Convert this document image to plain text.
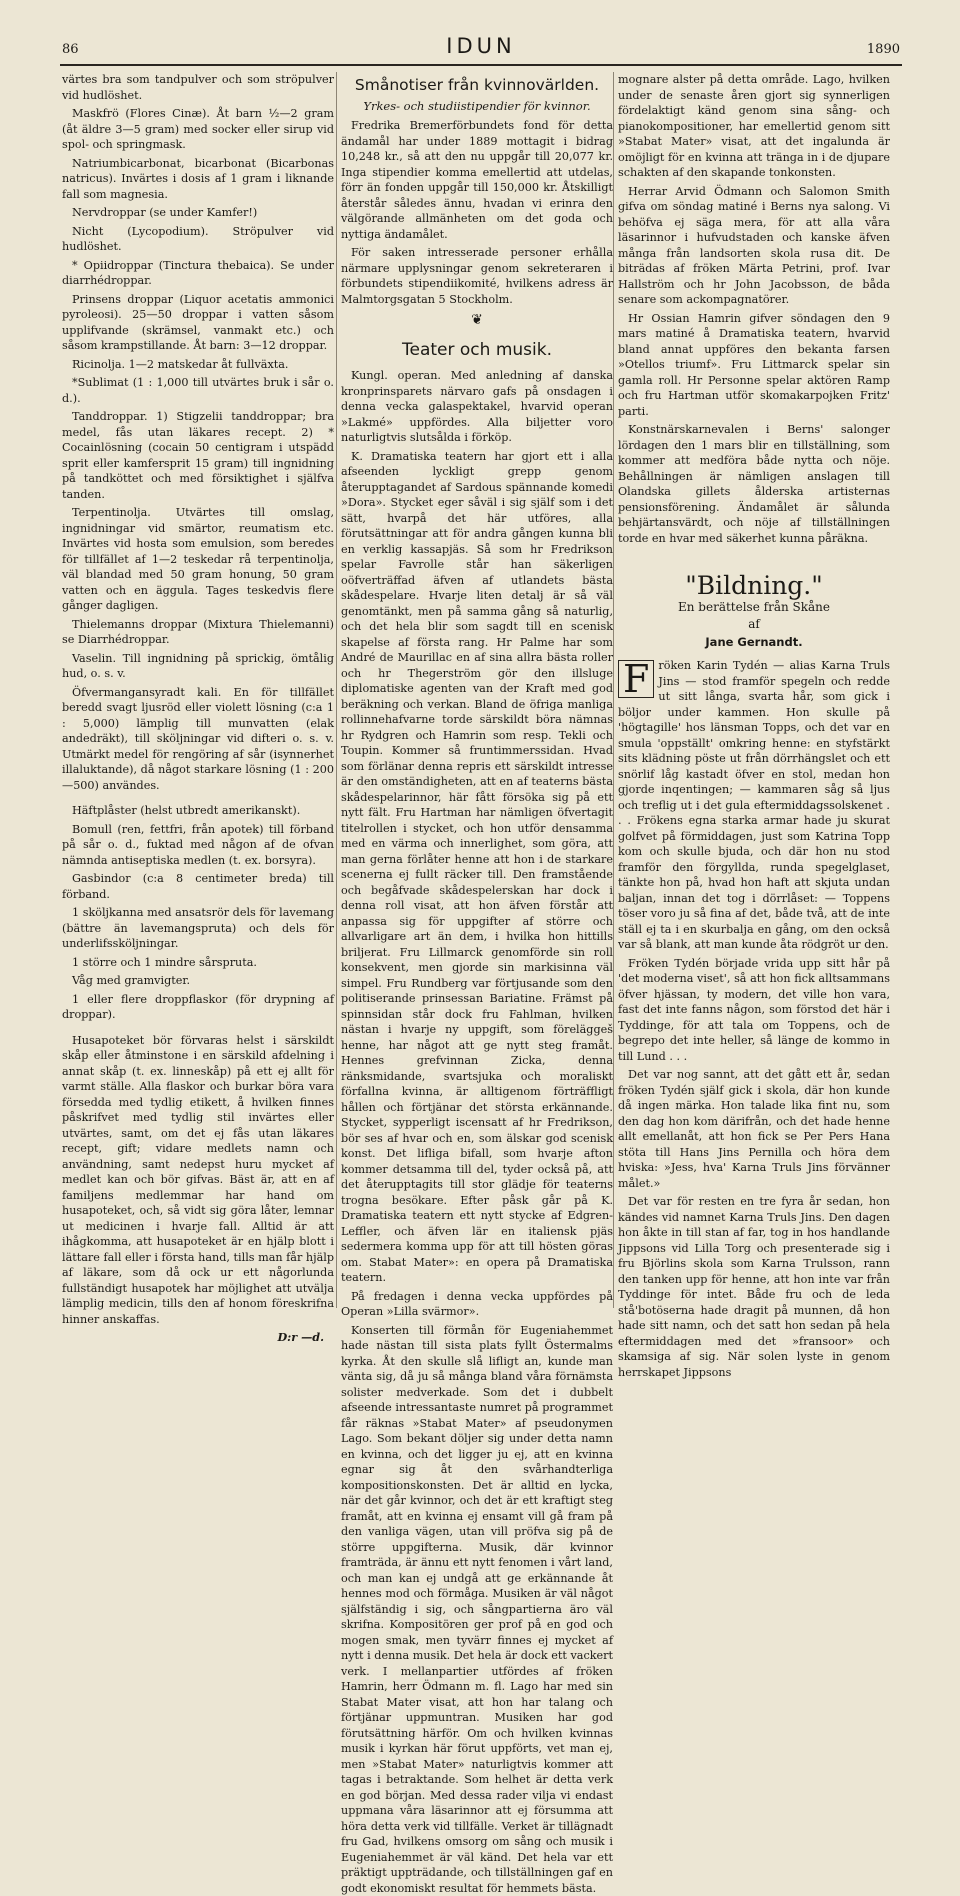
86	IDUN	1890

värtes bra som tandpulver och som ströpulver vid hudlöshet.

Maskfrö (Flores Cinæ). Åt barn ½—2 gram (åt äldre 3—5 gram) med socker eller sirup vid spol- och springmask.

Natriumbicarbonat, bicarbonat (Bicarbonas natricus). Invärtes i dosis af 1 gram i liknande fall som magnesia.

Nervdroppar (se under Kamfer!)

Nicht (Lycopodium). Ströpulver vid hudlöshet.

* Opiidroppar (Tinctura thebaica). Se under diarrhédroppar.

Prinsens droppar (Liquor acetatis ammonici pyroleosi). 25—50 droppar i vatten såsom upplifvande (skrämsel, vanmakt etc.) och såsom krampstillande. Åt barn: 3—12 droppar.

Ricinolja. 1—2 matskedar åt fullväxta.

*Sublimat (1 : 1,000 till utvärtes bruk i sår o. d.).

Tanddroppar. 1) Stigzelii tanddroppar; bra medel, fås utan läkares recept. 2) * Cocainlösning (cocain 50 centigram i utspädd sprit eller kamfersprit 15 gram) till ingnidning på tandköttet och med försiktighet i själfva tanden.

Terpentinolja. Utvärtes till omslag, ingnidningar vid smärtor, reumatism etc. Invärtes vid hosta som emulsion, som beredes för tillfället af 1—2 teskedar rå terpentinolja, väl blandad med 50 gram honung, 50 gram vatten och en äggula. Tages teskedvis flere gånger dagligen.

Thielemanns droppar (Mixtura Thielemanni) se Diarrhédroppar.

Vaselin. Till ingnidning på sprickig, ömtålig hud, o. s. v.

Öfvermangansyradt kali. En för tillfället beredd svagt ljusröd eller violett lösning (c:a 1 : 5,000) lämplig till munvatten (elak andedräkt), till sköljningar vid difteri o. s. v. Utmärkt medel för rengöring af sår (isynnerhet illaluktande), då något starkare lösning (1 : 200—500) användes.

Häftplåster (helst utbredt amerikanskt).

Bomull (ren, fettfri, från apotek) till förband på sår o. d., fuktad med någon af de ofvan nämnda antiseptiska medlen (t. ex. borsyra).

Gasbindor (c:a 8 centimeter breda) till förband.

1 sköljkanna med ansatsrör dels för lavemang (bättre än lavemangspruta) och dels för underlifssköljningar.

1 större och 1 mindre sårspruta.

Våg med gramvigter.

1 eller flere droppflaskor (för drypning af droppar).

Husapoteket bör förvaras helst i särskildt skåp eller åtminstone i en särskild afdelning i annat skåp (t. ex. linneskåp) på ett ej allt för varmt ställe. Alla flaskor och burkar böra vara försedda med tydlig etikett, å hvilken finnes påskrifvet med tydlig stil invärtes eller utvärtes, samt, om det ej fås utan läkares recept, gift; vidare medlets namn och användning, samt nedерst huru mycket af medlet kan och bör gifvas. Bäst är, att en af familjens medlemmar har hand om husapoteket, och, så vidt sig göra låter, lemnar ut medicinen i hvarje fall. Alltid är att ihågkomma, att husapoteket är en hjälp blott i lättare fall eller i första hand, tills man får hjälp af läkare, som då ock ur ett någorlunda fullständigt husapotek har möjlighet att utvälja lämplig medicin, tills den af honom föreskrifna hinner anskaffas.

D:r —d.
Smånotiser från kvinnovärlden.
Yrkes- och studiistipendier för kvinnor.

Fredrika Bremerförbundets fond för detta ändamål har under 1889 mottagit i bidrag 10,248 kr., så att den nu uppgår till 20,077 kr. Inga stipendier komma emellertid att utdelas, förr än fonden uppgår till 150,000 kr. Åtskilligt återstår således ännu, hvadan vi erinra den välgörande allmänheten om det goda och nyttiga ändamålet.

För saken intresserade personer erhålla närmare upplysningar genom sekreteraren i förbundets stipendiikomité, hvilkens adress är Malmtorgsgatan 5 Stockholm.

❦
Teater och musik.

Kungl. operan. Med anledning af danska kronprinsparets närvaro gafs på onsdagen i denna vecka galaspektakel, hvarvid operan »Lakmé» uppfördes. Alla biljetter voro naturligtvis slutsålda i förköp.

K. Dramatiska teatern har gjort ett i alla afseenden lyckligt grepp genom återupptagandet af Sardous spännande komedi »Dora». Stycket eger såväl i sig själf som i det sätt, hvarpå det här utföres, alla förutsättningar att för andra gången kunna bli en verklig kassapjäs. Så som hr Fredrikson spelar Favrolle står han säkerligen oöfverträffad äfven af utlandets bästa skådespelare. Hvarje liten detalj är så väl genomtänkt, men på samma gång så naturlig, och det hela blir som sagdt till en scenisk skapelse af första rang. Hr Palme har som André de Maurillac en af sina allra bästa roller och hr Thegerström gör den illsluge diplomatiske agenten van der Kraft med god beräkning och verkan. Bland de öfriga manliga rollinnehafvarne torde särskildt böra nämnas hr Rydgren och Hamrin som resp. Tekli och Toupin. Kommer så fruntimmerssidan. Hvad som förlänar denna repris ett särskildt intresse är den omständigheten, att en af teaterns bästa skådespelarinnor, här fått försöka sig på ett nytt fält. Fru Hartman har nämligen öfvertagit titelrollen i stycket, och hon utför densamma med en värma och innerlighet, som göra, att man gerna förlåter henne att hon i de starkare scenerna ej fullt räcker till. Den framstående och begåfvade skådespelerskan har dock i denna roll visat, att hon äfven förstår att anpassa sig för uppgifter af större och allvarligare art än dem, i hvilka hon hittills briljerat. Fru Lillmarck genomförde sin roll konsekvent, men gjorde sin markisinna väl simpel. Fru Rundberg var förtjusande som den politiserande prinsessan Bariatine. Främst på spinnsidan står dock fru Fahlman, hvilken nästan i hvarje ny uppgift, som föreläggeš henne, har något att ge nytt steg framåt. Hennes grefvinnan Zicka, denna ränksmidande, svartsjuka och moraliskt förfallna kvinna, är alltigenom förträffligt hållen och förtjänar det största erkännande. Stycket, sypperligt iscensatt af hr Fredrikson, bör ses af hvar och en, som älskar god scenisk konst. Det lifliga bifall, som hvarje afton kommer detsamma till del, tyder också på, att det återupptagits till stor glädje för teaterns trogna besökare. Efter påsk går på K. Dramatiska teatern ett nytt stycke af Edgren-Leffler, och äfven lär en italiensk pjäs sedermera komma upp för att till hösten göras om. Stabat Mater»: en opera på Dramatiska teatern.

På fredagen i denna vecka uppfördes på Operan »Lilla svärmor».

Konserten till förmån för Eugeniahemmet hade nästan till sista plats fyllt Östermalms kyrka. Åt den skulle slå lifligt an, kunde man vänta sig, då ju så många bland våra förnämsta solister medverkade. Som det i dubbelt afseende intressantaste numret på programmet får räknas »Stabat Mater» af pseudonymen Lago. Som bekant döljer sig under detta namn en kvinna, och det ligger ju ej, att en kvinna egnar sig åt den svårhandterliga kompositionskonsten. Det är alltid en lycka, när det går kvinnor, och det är ett kraftigt steg framåt, att en kvinna ej ensamt vill gå fram på den vanliga vägen, utan vill pröfva sig på de större uppgifterna. Musik, där kvinnor framträda, är ännu ett nytt fenomen i vårt land, och man kan ej undgå att ge erkännande åt hennes mod och förmåga. Musiken är väl något själfständig i sig, och sångpartierna äro väl skrifna. Kompositören ger prof på en god och mogen smak, men tyvärr finnes ej mycket af nytt i denna musik. Det hela är dock ett vackert verk. I mellanpartier utfördes af fröken Hamrin, herr Ödmann m. fl. Lago har med sin Stabat Mater visat, att hon har talang och förtjänar uppmuntran. Musiken har god förutsättning härför. Om och hvilken kvinnas musik i kyrkan här förut uppförts, vet man ej, men »Stabat Mater» naturligtvis kommer att tagas i betraktande. Som helhet är detta verk en god början. Med dessa rader vilja vi endast uppmana våra läsarinnor att ej försumma att höra detta verk vid tillfälle. Verket är tillägnadt fru Gad, hvilkens omsorg om sång och musik i Eugeniahemmet är väl känd. Det hela var ett präktigt uppträdande, och tillställningen gaf en godt ekonomiskt resultat för hemmets bästa.

mognare alster på detta område. Lago, hvilken under de senaste åren gjort sig synnerligen fördelaktigt känd genom sina sång- och pianokompositioner, har emellertid genom sitt »Stabat Mater» visat, att det ingalunda är omöjligt för en kvinna att tränga in i de djupare schakten af den skapande tonkonsten.

Herrar Arvid Ödmann och Salomon Smith gifva om söndag matiné i Berns nya salong. Vi behöfva ej säga mera, för att alla våra läsarinnor i hufvudstaden och kanske äfven många från landsorten skola rusa dit. De biträdas af fröken Märta Petrini, prof. Ivar Hallström och hr John Jacobsson, de båda senare som ackompagnatörer.

Hr Ossian Hamrin gifver söndagen den 9 mars matiné å Dramatiska teatern, hvarvid bland annat uppföres den bekanta farsen »Otellos triumf». Fru Littmarck spelar sin gamla roll. Hr Personne spelar aktören Ramp och fru Hartman utför skomakarpojken Fritz' parti.

Konstnärskarnevalen i Berns' salonger lördagen den 1 mars blir en tillställning, som kommer att medföra både nytta och nöje. Behållningen är nämligen anslagen till Olandska gillets ålderska artisternas pensionsförening. Ändamålet är sålunda behjärtansvärdt, och nöje af tillställningen torde en hvar med säkerhet kunna påräkna.

"Bildning."
En berättelse från Skåne
af
Jane Gernandt.

F röken Karin Tydén — alias Karna Truls Jins — stod framför spegeln och redde ut sitt långa, svarta hår, som gick i böljor under kammen. Hon skulle på 'högtagille' hos länsman Topps, och det var en smula 'oppställt' omkring henne: en styfstärkt sits klädning pöste ut från dörrhängslet och ett snörlif låg kastadt öfver en stol, medan hon gjorde inqentingen; — kammaren såg så ljus och treflig ut i det gula eftermiddagssolskenet . . . Frökens egna starka armar hade ju skurat golfvet på förmiddagen, just som Katrina Topp kom och skulle bjuda, och där hon nu stod framför den förgyllda, runda spegelglaset, tänkte hon på, hvad hon haft att skjuta undan baljan, innan det tog i dörrlåset: — Toppens töser voro ju så fina af det, både två, att de inte ställ ej ta i en skurbalja en gång, om den också var så blank, att man kunde åta rödgröt ur den.

Fröken Tydén började vrida upp sitt hår på 'det moderna viset', så att hon fick alltsammans öfver hjässan, ty modern, det ville hon vara, fast det inte fanns någon, som förstod det här i Tyddinge, för att tala om Toppens, och de begrepo det inte heller, så länge de kommo in till Lund . . .

Det var nog sannt, att det gått ett år, sedan fröken Tydén själf gick i skola, där hon kunde då ingen märka. Hon talade lika fint nu, som den dag hon kom därifrån, och det hade henne allt emellanåt, att hon fick se Per Pers Hana stöta till Hans Jins Pernilla och höra dem hviska: »Jess, hva' Karna Truls Jins förvänner målet.»

Det var för resten en tre fyra år sedan, hon kändes vid namnet Karna Truls Jins. Den dagen hon åkte in till stan af far, tog in hos handlande Jippsons vid Lilla Torg och presenterade sig i fru Björlins skola som Karna Trulsson, rann den tanken upp för henne, att hon inte var från Tyddinge för intet. Både fru och de leda stå'botöserna hade dragit på munnen, då hon hade sitt namn, och det satt hon sedan på hela eftermiddagen med det »fransoor» och skamsiga af sig. När solen lyste in genom herrskapet Jippsons
